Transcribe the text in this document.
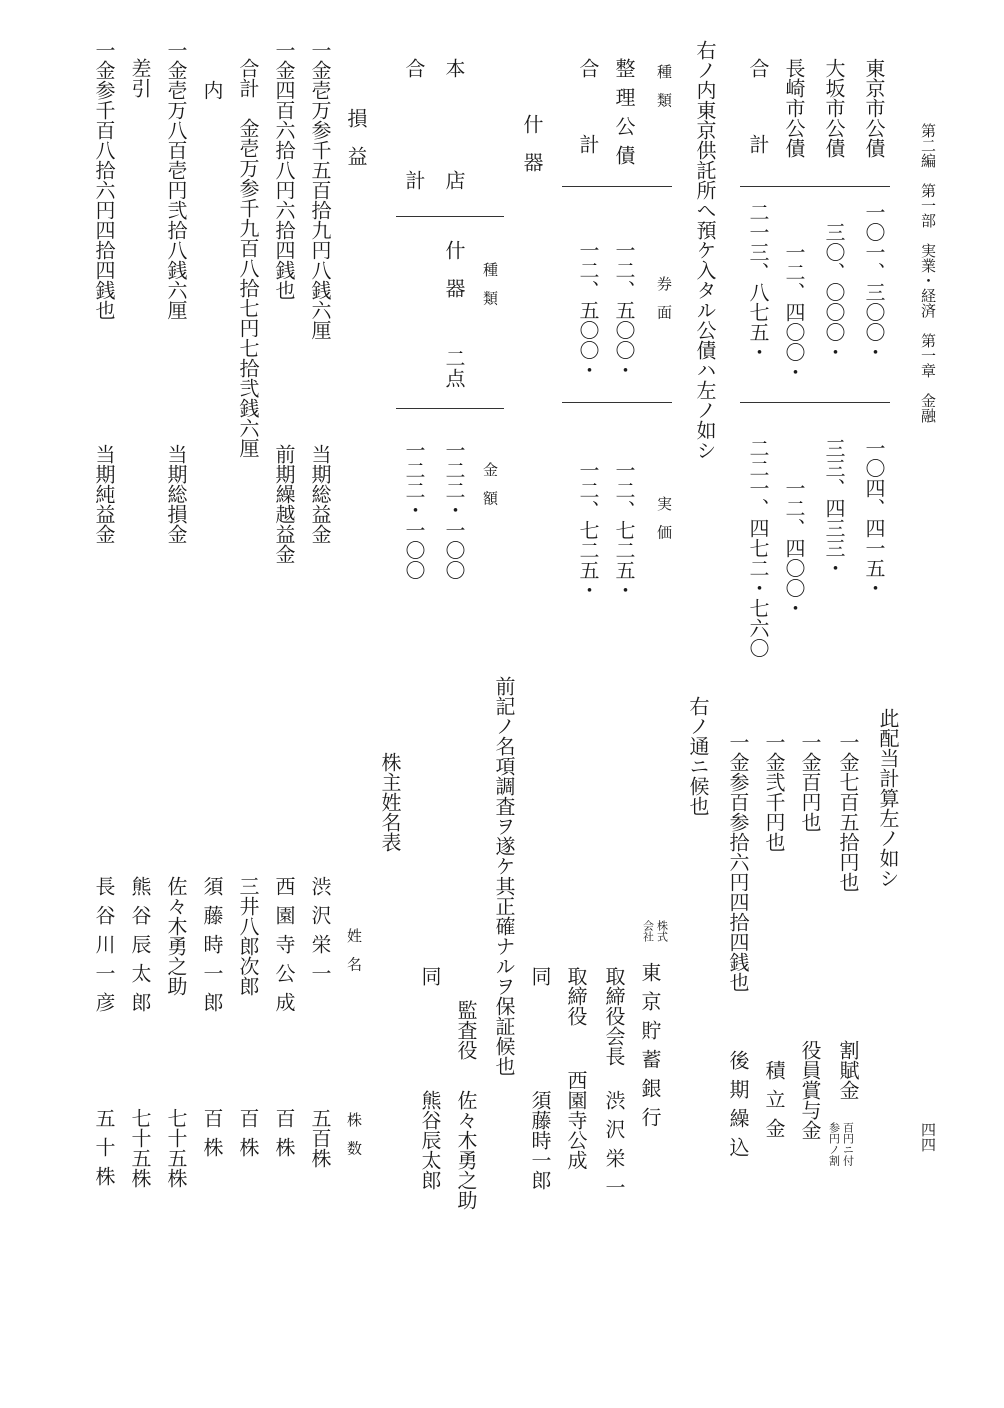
第二編　第一部　実業・経済　第一章　金融
四四
東京市公債
大坂市公債
長崎市公債
合　計
一〇一、三〇〇・
三〇、〇〇〇・
一二、四〇〇・
二一三、八七五・
一〇四、四一五・
三三、四三三・
一二、四〇〇・
二二一、四七二・七六〇
右ノ内東京供託所へ預ケ入タル公債ハ左ノ如シ
種類
券面
実価
整理公債
合　計
一二、五〇〇・
一二、五〇〇・
一二、七二五・
一二、七二五・
什器
種類
金額
本
店
什器
二点
一二二・一〇〇
合
計
一二二・一〇〇
損益
一金壱万参千五百拾九円八銭六厘
当期総益金
一金四百六拾八円六拾四銭也
前期繰越益金
合計　金壱万参千九百八拾七円七拾弐銭六厘
内
一金壱万八百壱円弐拾八銭六厘
当期総損金
差引
一金参千百八拾六円四拾四銭也
当期純益金
此配当計算左ノ如シ
一金七百五拾円也
割賦金
百円ニ付
参円ノ割
一金百円也
役員賞与金
一金弐千円也
積立金
一金参百参拾六円四拾四銭也
後期繰込
右ノ通ニ候也
株式
会社
東京貯蓄銀行
取締役会長
渋沢栄一
取締役
西園寺公成
同
須藤時一郎
前記ノ名項調査ヲ遂ケ其正確ナルヲ保証候也
監査役
佐々木勇之助
同
熊谷辰太郎
株主姓名表
姓名
株数
渋沢栄一
五百株
西園寺公成
百株
三井八郎次郎
百株
須藤時一郎
百株
佐々木勇之助
七十五株
熊谷辰太郎
七十五株
長谷川一彦
五十株
